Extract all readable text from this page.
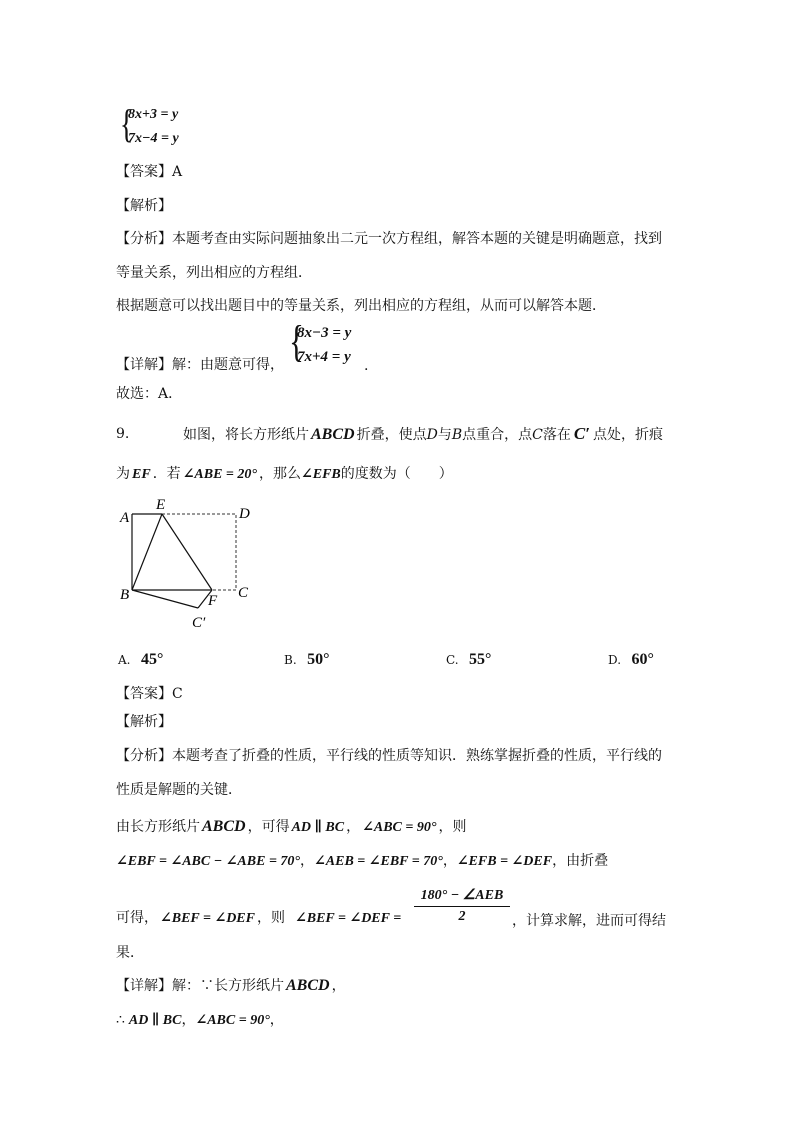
{
8x+3 = y
7x−4 = y
【答案】A
【解析】
【分析】本题考查由实际问题抽象出二元一次方程组，解答本题的关键是明确题意，找到
等量关系，列出相应的方程组．
根据题意可以找出题目中的等量关系，列出相应的方程组，从而可以解答本题．
{
8x−3 = y
7x+4 = y
【详解】解：由题意可得，	.
故选：A．
9.	如图，将长方形纸片 ABCD 折叠，使点D与B点重合，点C落在 C′ 点处，折痕
为 EF ．若 ∠ABE = 20° ，那么∠EFB的度数为（　　）
A
E
D
B	F C
C′
A. 45°	B. 50°	C. 55°	D. 60°
【答案】C
【解析】
【分析】本题考查了折叠的性质，平行线的性质等知识．熟练掌握折叠的性质，平行线的
性质是解题的关键．
由长方形纸片 ABCD ，可得 AD ∥ BC ， ∠ABC = 90° ，则
∠EBF = ∠ABC − ∠ABE = 70°，∠AEB = ∠EBF = 70°，∠EFB = ∠DEF，由折叠
可得， ∠BEF = ∠DEF ，则 ∠BEF = ∠DEF =
180° − ∠AEB
2	，计算求解，进而可得结
果．
【详解】解：∵长方形纸片 ABCD ，
∴ AD ∥ BC，∠ABC = 90°，
